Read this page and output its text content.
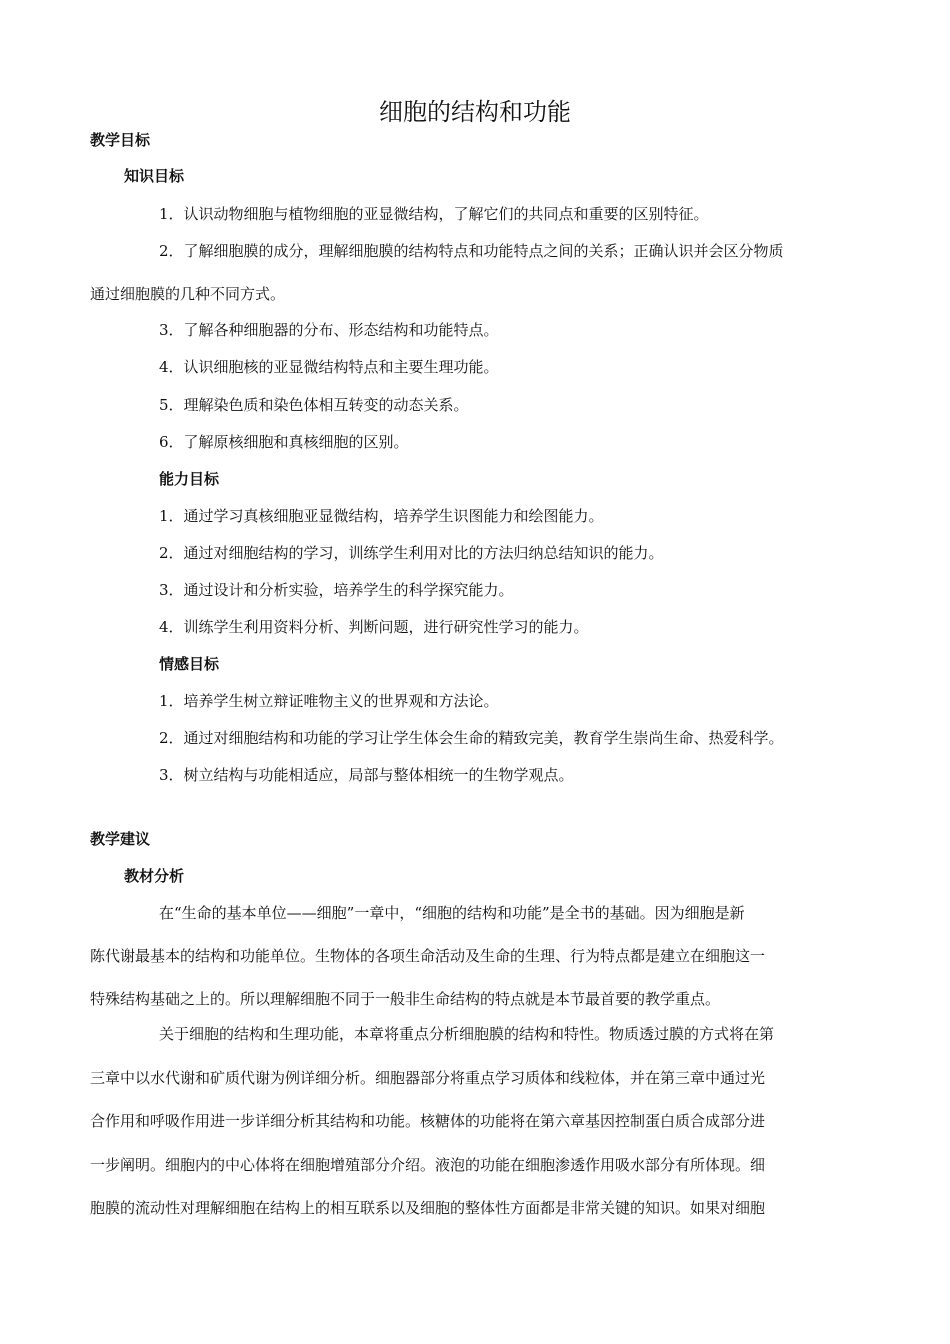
细胞的结构和功能
教学目标
知识目标
1．认识动物细胞与植物细胞的亚显微结构，了解它们的共同点和重要的区别特征。
2．了解细胞膜的成分，理解细胞膜的结构特点和功能特点之间的关系；正确认识并会区分物质
通过细胞膜的几种不同方式。
3．了解各种细胞器的分布、形态结构和功能特点。
4．认识细胞核的亚显微结构特点和主要生理功能。
5．理解染色质和染色体相互转变的动态关系。
6．了解原核细胞和真核细胞的区别。
能力目标
1．通过学习真核细胞亚显微结构，培养学生识图能力和绘图能力。
2．通过对细胞结构的学习，训练学生利用对比的方法归纳总结知识的能力。
3．通过设计和分析实验，培养学生的科学探究能力。
4．训练学生利用资料分析、判断问题，进行研究性学习的能力。
情感目标
1．培养学生树立辩证唯物主义的世界观和方法论。
2．通过对细胞结构和功能的学习让学生体会生命的精致完美，教育学生崇尚生命、热爱科学。
3．树立结构与功能相适应，局部与整体相统一的生物学观点。
教学建议
教材分析
在“生命的基本单位——细胞”一章中，“细胞的结构和功能”是全书的基础。因为细胞是新
陈代谢最基本的结构和功能单位。生物体的各项生命活动及生命的生理、行为特点都是建立在细胞这一
特殊结构基础之上的。所以理解细胞不同于一般非生命结构的特点就是本节最首要的教学重点。
关于细胞的结构和生理功能，本章将重点分析细胞膜的结构和特性。物质透过膜的方式将在第
三章中以水代谢和矿质代谢为例详细分析。细胞器部分将重点学习质体和线粒体，并在第三章中通过光
合作用和呼吸作用进一步详细分析其结构和功能。核糖体的功能将在第六章基因控制蛋白质合成部分进
一步阐明。细胞内的中心体将在细胞增殖部分介绍。液泡的功能在细胞渗透作用吸水部分有所体现。细
胞膜的流动性对理解细胞在结构上的相互联系以及细胞的整体性方面都是非常关键的知识。如果对细胞
